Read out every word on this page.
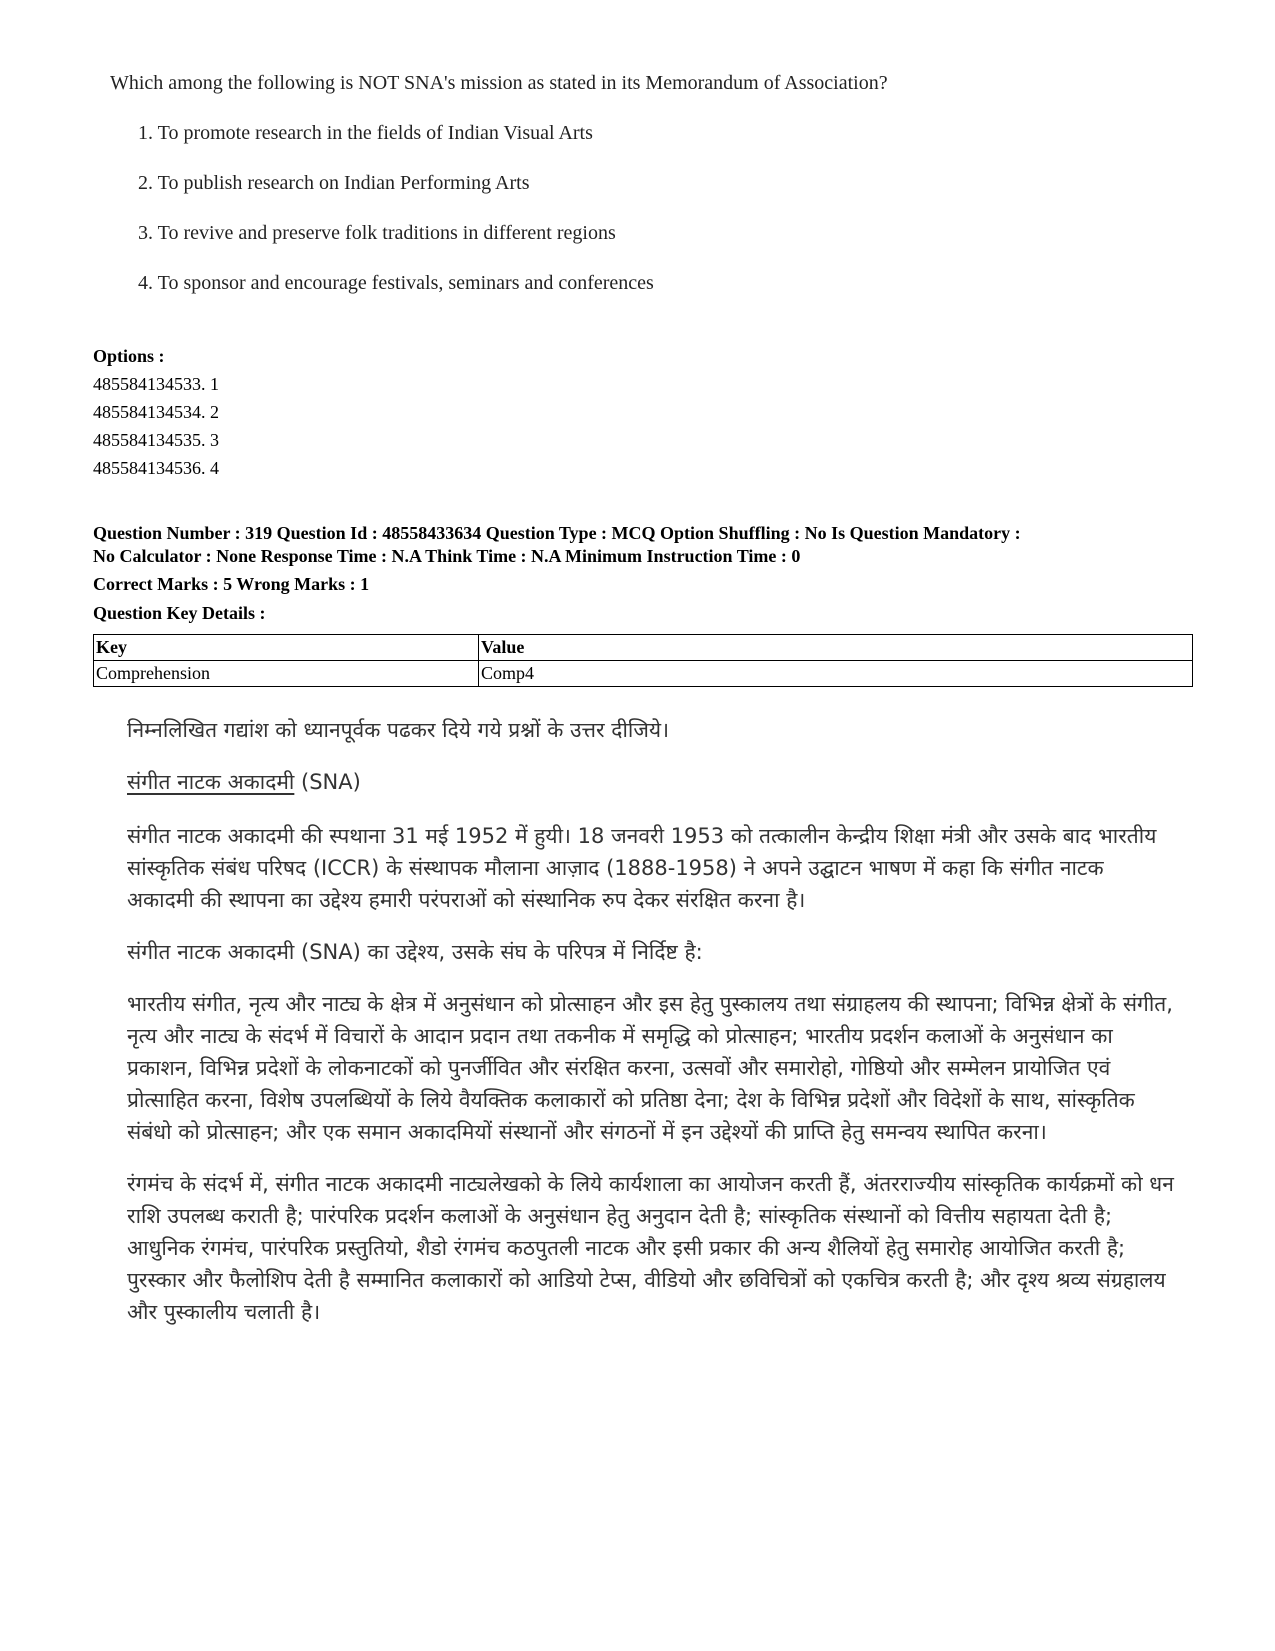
Which among the following is NOT SNA's mission as stated in its Memorandum of Association?

1. To promote research in the fields of Indian Visual Arts
2. To publish research on Indian Performing Arts
3. To revive and preserve folk traditions in different regions
4. To sponsor and encourage festivals, seminars and conferences
Options :
485584134533. 1
485584134534. 2
485584134535. 3
485584134536. 4
Question Number : 319 Question Id : 48558433634 Question Type : MCQ Option Shuffling : No Is Question Mandatory :
No Calculator : None Response Time : N.A Think Time : N.A Minimum Instruction Time : 0
Correct Marks : 5 Wrong Marks : 1
Question Key Details :
Key	Value
Comprehension	Comp4

निम्नलिखित गद्यांश को ध्यानपूर्वक पढकर दिये गये प्रश्नों के उत्तर दीजिये।

संगीत नाटक अकादमी (SNA)

संगीत नाटक अकादमी की स्पथाना 31 मई 1952 में हुयी। 18 जनवरी 1953 को तत्कालीन केन्द्रीय शिक्षा मंत्री और उसके बाद भारतीय सांस्कृतिक संबंध परिषद (ICCR) के संस्थापक मौलाना आज़ाद (1888-1958) ने अपने उद्घाटन भाषण में कहा कि संगीत नाटक अकादमी की स्थापना का उद्देश्य हमारी परंपराओं को संस्थानिक रुप देकर संरक्षित करना है।

संगीत नाटक अकादमी (SNA) का उद्देश्य, उसके संघ के परिपत्र में निर्दिष्ट है:

भारतीय संगीत, नृत्य और नाट्य के क्षेत्र में अनुसंधान को प्रोत्साहन और इस हेतु पुस्कालय तथा संग्राहलय की स्थापना; विभिन्न क्षेत्रों के संगीत, नृत्य और नाट्य के संदर्भ में विचारों के आदान प्रदान तथा तकनीक में समृद्धि को प्रोत्साहन; भारतीय प्रदर्शन कलाओं के अनुसंधान का प्रकाशन, विभिन्न प्रदेशों के लोकनाटकों को पुनर्जीवित और संरक्षित करना, उत्सवों और समारोहो, गोष्ठियो और सम्मेलन प्रायोजित एवं प्रोत्साहित करना, विशेष उपलब्धियों के लिये वैयक्तिक कलाकारों को प्रतिष्ठा देना; देश के विभिन्न प्रदेशों और विदेशों के साथ, सांस्कृतिक संबंधो को प्रोत्साहन; और एक समान अकादमियों संस्थानों और संगठनों में इन उद्देश्यों की प्राप्ति हेतु समन्वय स्थापित करना।

रंगमंच के संदर्भ में, संगीत नाटक अकादमी नाट्यलेखको के लिये कार्यशाला का आयोजन करती हैं, अंतरराज्यीय सांस्कृतिक कार्यक्रमों को धन राशि उपलब्ध कराती है; पारंपरिक प्रदर्शन कलाओं के अनुसंधान हेतु अनुदान देती है; सांस्कृतिक संस्थानों को वित्तीय सहायता देती है; आधुनिक रंगमंच, पारंपरिक प्रस्तुतियो, शैडो रंगमंच कठपुतली नाटक और इसी प्रकार की अन्य शैलियों हेतु समारोह आयोजित करती है; पुरस्कार और फैलोशिप देती है सम्मानित कलाकारों को आडियो टेप्स, वीडियो और छविचित्रों को एकचित्र करती है; और दृश्य श्रव्य संग्रहालय और पुस्कालीय चलाती है।
